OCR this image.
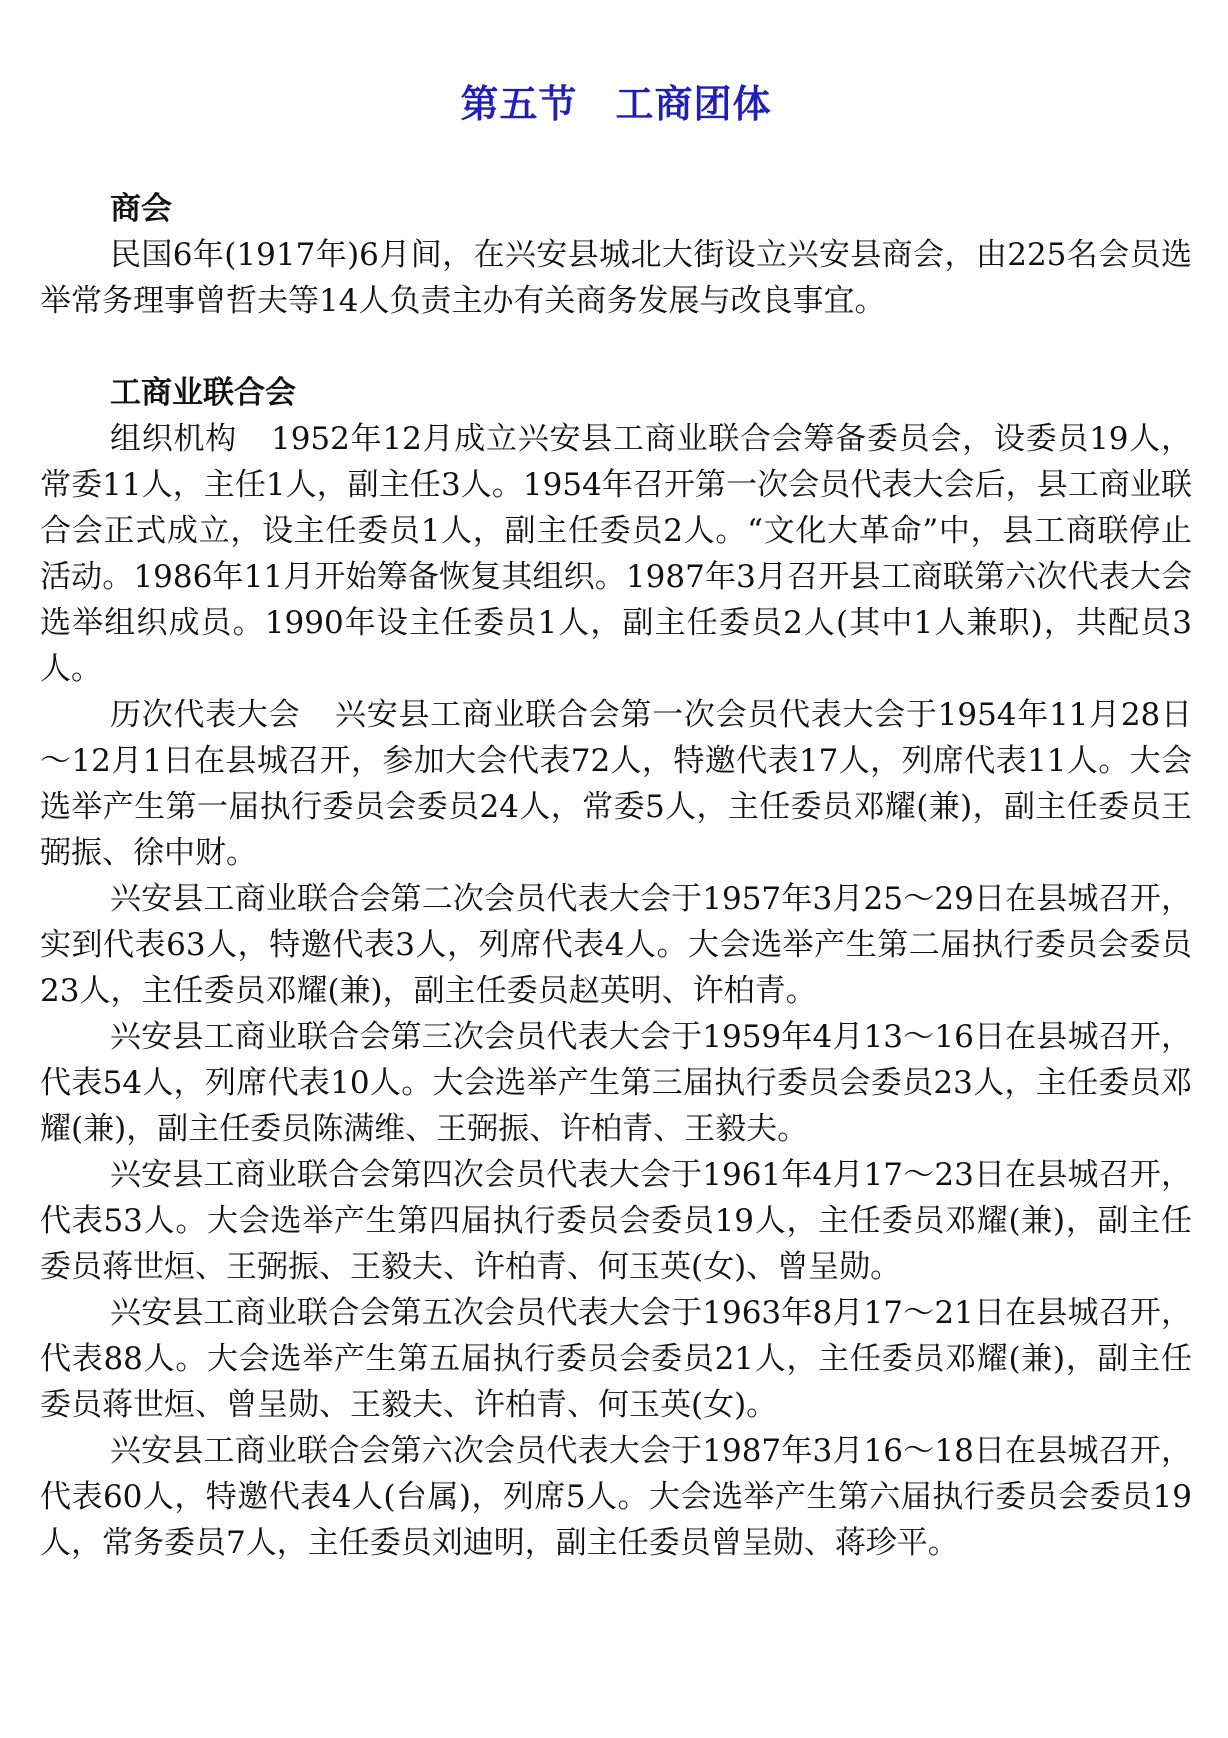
第五节 工商团体
商会

民国6年(1917年)6月间，在兴安县城北大街设立兴安县商会，由225名会员选举常务理事曾哲夫等14人负责主办有关商务发展与改良事宜。

工商业联合会

组织机构 1952年12月成立兴安县工商业联合会筹备委员会，设委员19人，常委11人，主任1人，副主任3人。1954年召开第一次会员代表大会后，县工商业联合会正式成立，设主任委员1人，副主任委员2人。“文化大革命”中，县工商联停止活动。1986年11月开始筹备恢复其组织。1987年3月召开县工商联第六次代表大会选举组织成员。1990年设主任委员1人，副主任委员2人(其中1人兼职)，共配员3人。

历次代表大会 兴安县工商业联合会第一次会员代表大会于1954年11月28日～12月1日在县城召开，参加大会代表72人，特邀代表17人，列席代表11人。大会选举产生第一届执行委员会委员24人，常委5人，主任委员邓耀(兼)，副主任委员王弼振、徐中财。

兴安县工商业联合会第二次会员代表大会于1957年3月25～29日在县城召开，实到代表63人，特邀代表3人，列席代表4人。大会选举产生第二届执行委员会委员23人，主任委员邓耀(兼)，副主任委员赵英明、许柏青。

兴安县工商业联合会第三次会员代表大会于1959年4月13～16日在县城召开，代表54人，列席代表10人。大会选举产生第三届执行委员会委员23人，主任委员邓耀(兼)，副主任委员陈满维、王弼振、许柏青、王毅夫。

兴安县工商业联合会第四次会员代表大会于1961年4月17～23日在县城召开，代表53人。大会选举产生第四届执行委员会委员19人，主任委员邓耀(兼)，副主任委员蒋世烜、王弼振、王毅夫、许柏青、何玉英(女)、曾呈勋。

兴安县工商业联合会第五次会员代表大会于1963年8月17～21日在县城召开，代表88人。大会选举产生第五届执行委员会委员21人，主任委员邓耀(兼)，副主任委员蒋世烜、曾呈勋、王毅夫、许柏青、何玉英(女)。

兴安县工商业联合会第六次会员代表大会于1987年3月16～18日在县城召开，代表60人，特邀代表4人(台属)，列席5人。大会选举产生第六届执行委员会委员19人，常务委员7人，主任委员刘迪明，副主任委员曾呈勋、蒋珍平。
